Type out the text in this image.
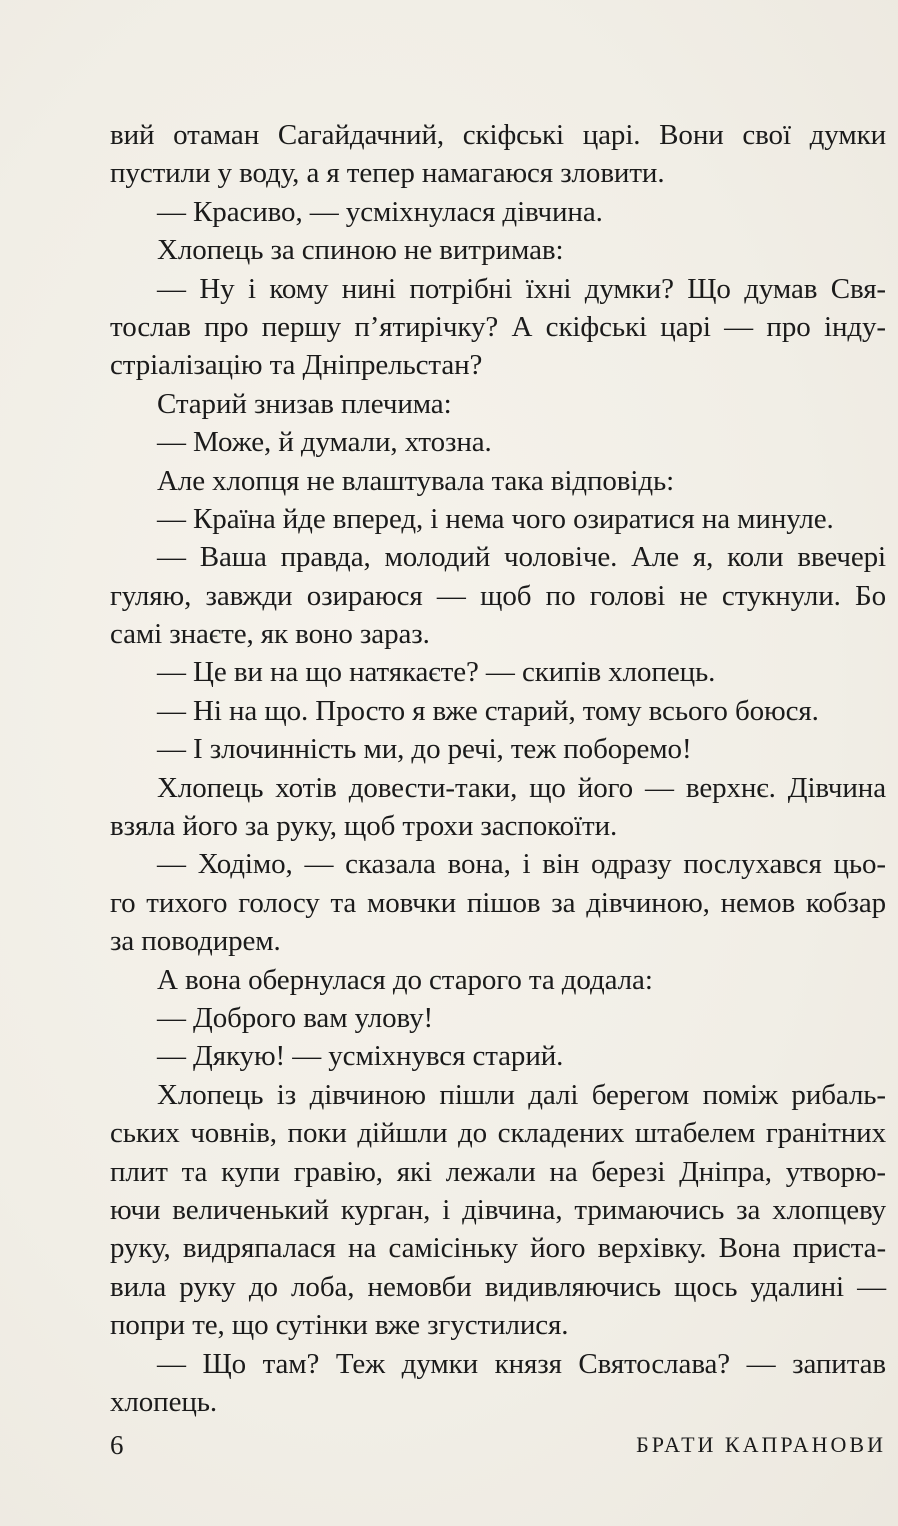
вий отаман Сагайдачний, скіфські царі. Вони свої думки
пустили у воду, а я тепер намагаюся зловити.
— Красиво, — усміхнулася дівчина.
Хлопець за спиною не витримав:
— Ну і кому нині потрібні їхні думки? Що думав Свя-
тослав про першу п’ятирічку? А скіфські царі — про інду-
стріалізацію та Дніпрельстан?
Старий знизав плечима:
— Може, й думали, хтозна.
Але хлопця не влаштувала така відповідь:
— Країна йде вперед, і нема чого озиратися на минуле.
— Ваша правда, молодий чоловіче. Але я, коли ввечері
гуляю, завжди озираюся — щоб по голові не стукнули. Бо
самі знаєте, як воно зараз.
— Це ви на що натякаєте? — скипів хлопець.
— Ні на що. Просто я вже старий, тому всього боюся.
— І злочинність ми, до речі, теж поборемо!
Хлопець хотів довести-таки, що його — верхнє. Дівчина
взяла його за руку, щоб трохи заспокоїти.
— Ходімо, — сказала вона, і він одразу послухався цьо-
го тихого голосу та мовчки пішов за дівчиною, немов кобзар
за поводирем.
А вона обернулася до старого та додала:
— Доброго вам улову!
— Дякую! — усміхнувся старий.
Хлопець із дівчиною пішли далі берегом поміж рибаль-
ських човнів, поки дійшли до складених штабелем гранітних
плит та купи гравію, які лежали на березі Дніпра, утворю-
ючи величенький курган, і дівчина, тримаючись за хлопцеву
руку, видряпалася на самісіньку його верхівку. Вона приста-
вила руку до лоба, немовби видивляючись щось удалині —
попри те, що сутінки вже згустилися.
— Що там? Теж думки князя Святослава? — запитав
хлопець.
6	БРАТИ КАПРАНОВИ
